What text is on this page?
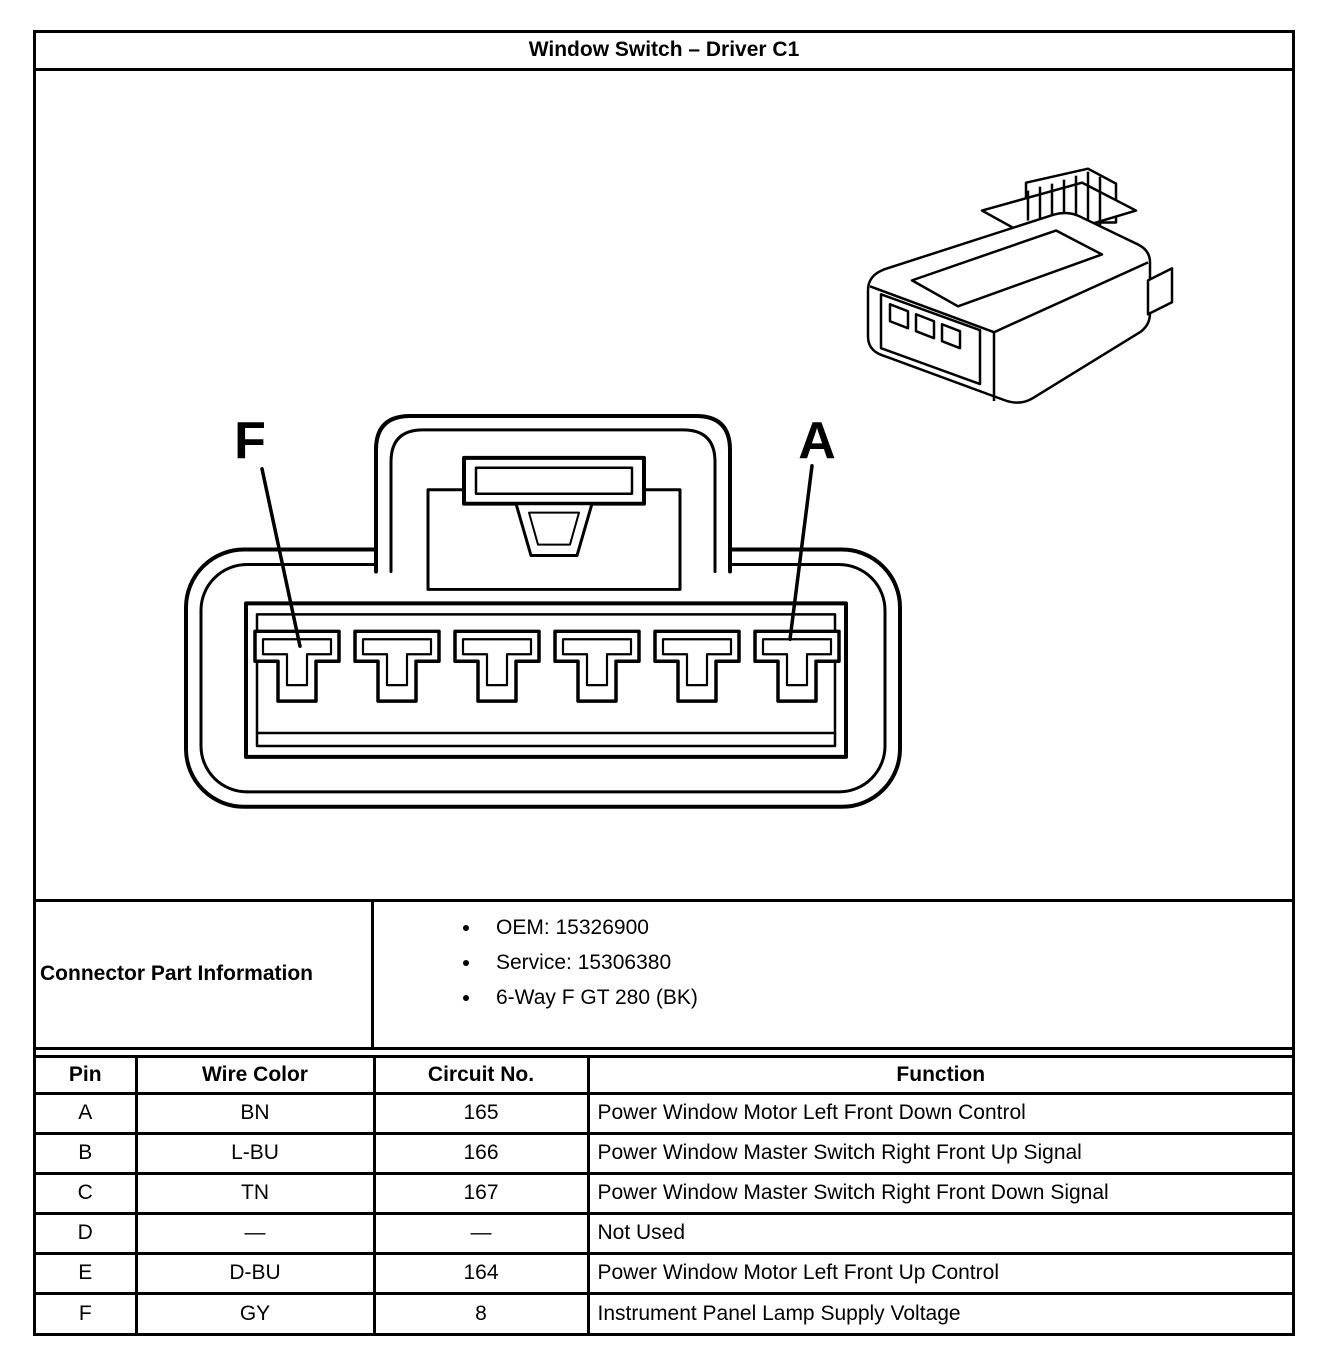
Window Switch – Driver C1
F	A
Connector Part Information
• OEM: 15326900
• Service: 15306380
• 6-Way F GT 280 (BK)
Pin	Wire Color	Circuit No.	Function
A	BN	165	Power Window Motor Left Front Down Control
B	L-BU	166	Power Window Master Switch Right Front Up Signal
C	TN	167	Power Window Master Switch Right Front Down Signal
D	—	—	Not Used
E	D-BU	164	Power Window Motor Left Front Up Control
F	GY	8	Instrument Panel Lamp Supply Voltage
